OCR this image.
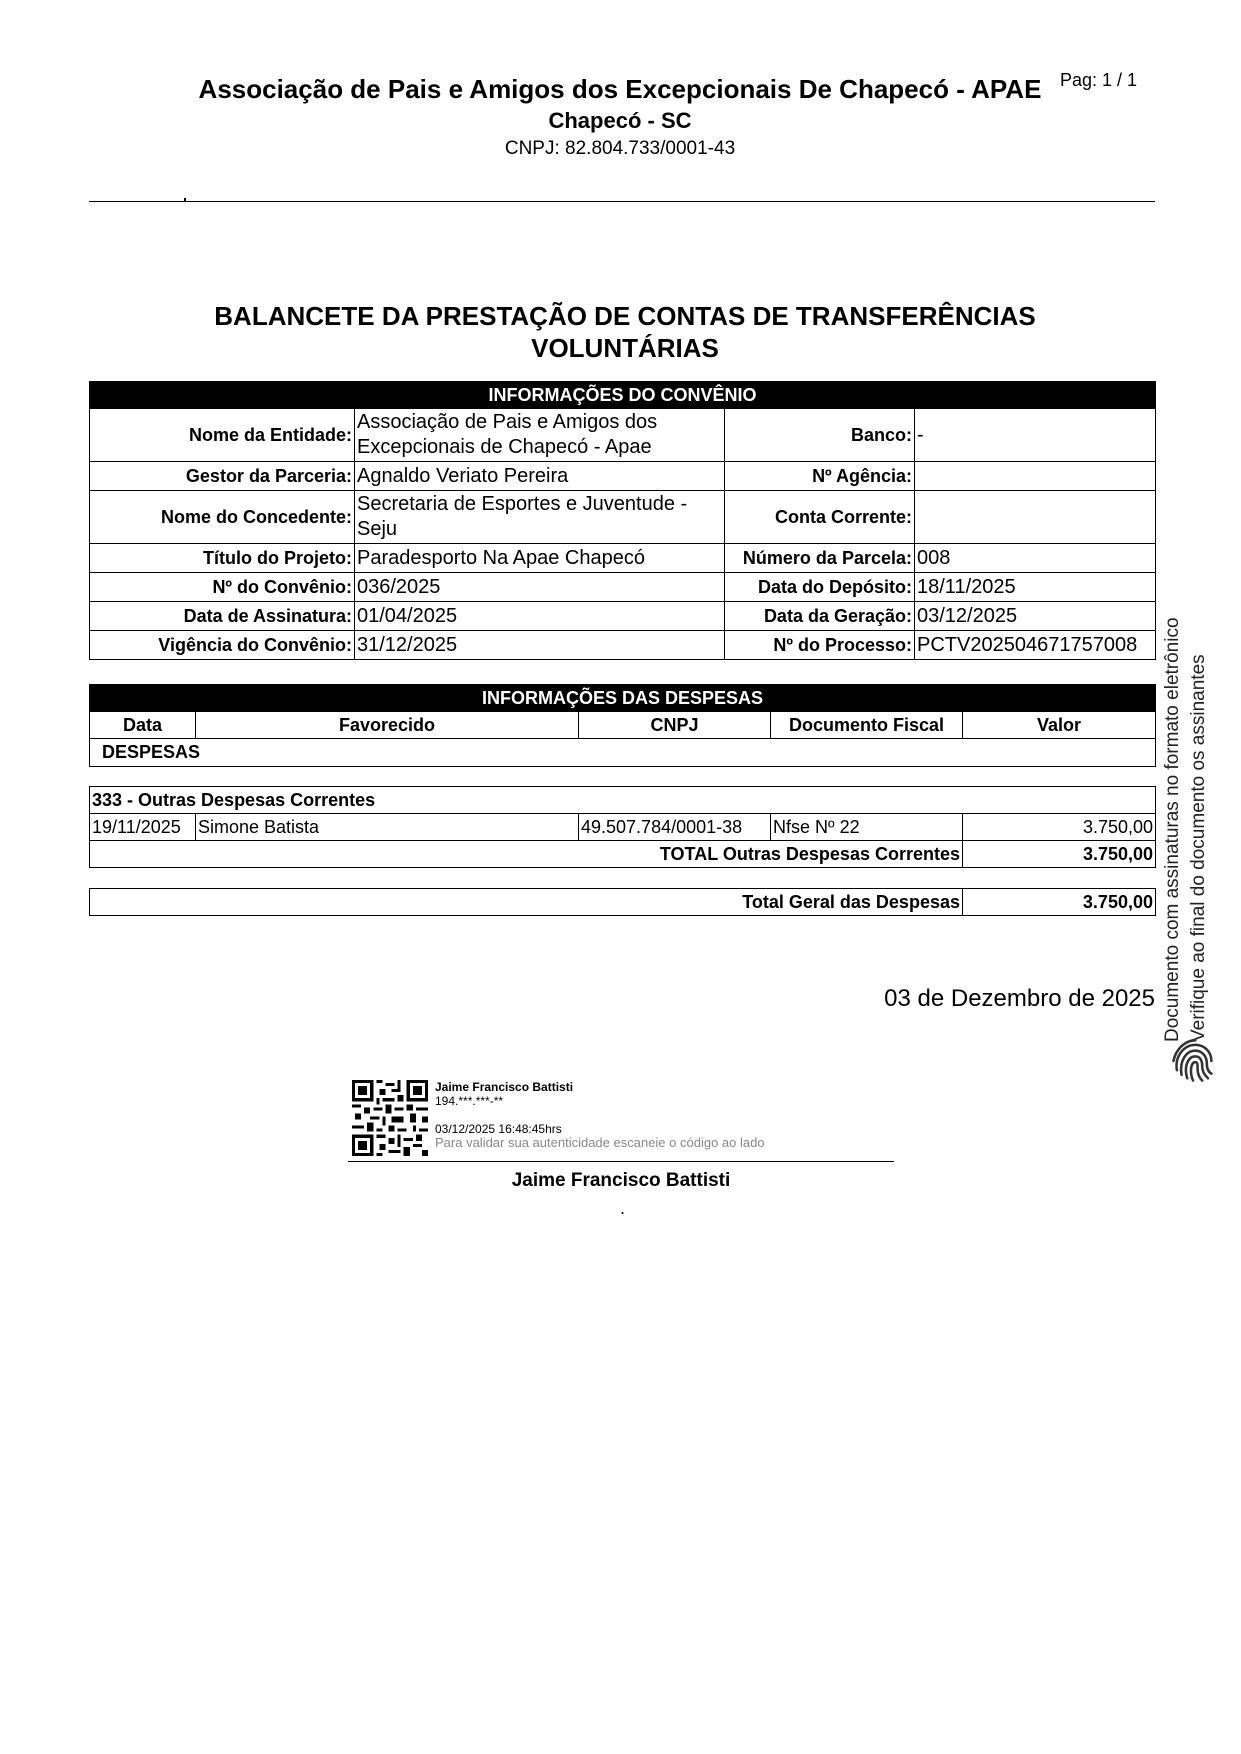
Associação de Pais e Amigos dos Excepcionais De Chapecó - APAE
Chapecó - SC
CNPJ: 82.804.733/0001-43
Pag: 1 / 1
BALANCETE DA PRESTAÇÃO DE CONTAS DE TRANSFERÊNCIAS VOLUNTÁRIAS
INFORMAÇÕES DO CONVÊNIO			
Nome da Entidade:	Associação de Pais e Amigos dos Excepcionais de Chapecó - Apae	Banco:	-
Gestor da Parceria:	Agnaldo Veriato Pereira	Nº Agência:	
Nome do Concedente:	Secretaria de Esportes e Juventude - Seju	Conta Corrente:	
Título do Projeto:	Paradesporto Na Apae Chapecó	Número da Parcela:	008
Nº do Convênio:	036/2025	Data do Depósito:	18/11/2025
Data de Assinatura:	01/04/2025	Data da Geração:	03/12/2025
Vigência do Convênio:	31/12/2025	Nº do Processo:	PCTV202504671757008
INFORMAÇÕES DAS DESPESAS
Data	Favorecido	CNPJ	Documento Fiscal	Valor
DESPESAS
333 - Outras Despesas Correntes				
19/11/2025	Simone Batista	49.507.784/0001-38	Nfse Nº 22	3.750,00
TOTAL Outras Despesas Correntes				3.750,00
Total Geral das Despesas	3.750,00
03 de Dezembro de 2025
Jaime Francisco Battisti
194.***.***-**
03/12/2025 16:48:45hrs
Para validar sua autenticidade escaneie o código ao lado
Jaime Francisco Battisti
.
Documento com assinaturas no formato eletrônico Verifique ao final do documento os assinantes
